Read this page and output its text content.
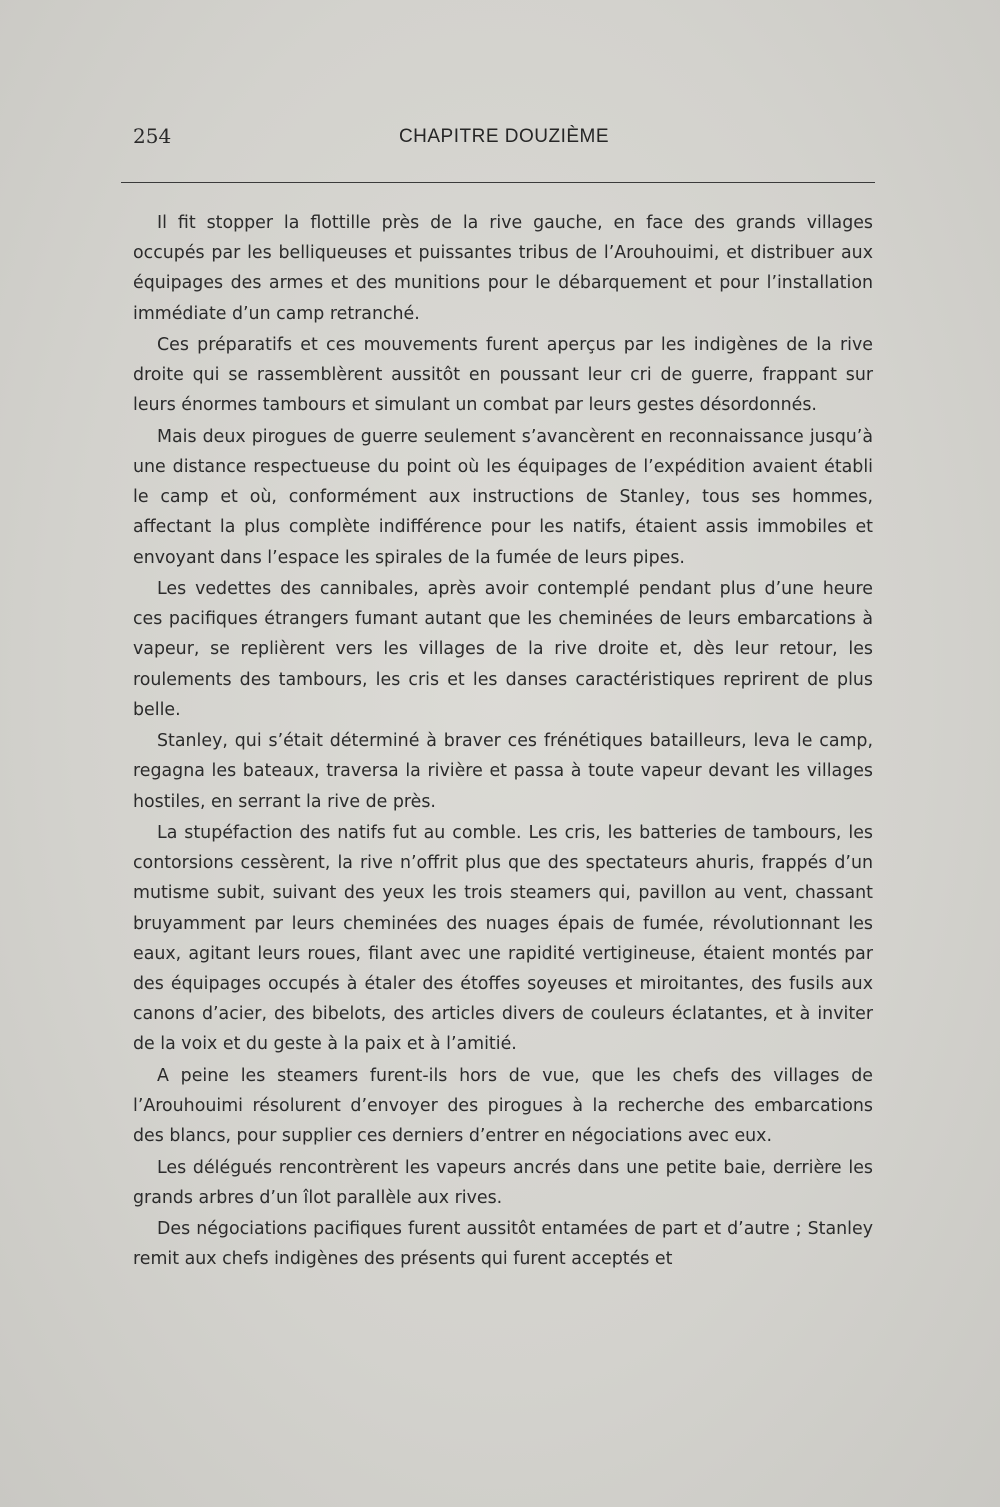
254	CHAPITRE DOUZIÈME

Il fit stopper la flottille près de la rive gauche, en face des grands villages occupés par les belliqueuses et puissantes tribus de l’Arouhouimi, et distribuer aux équipages des armes et des munitions pour le débarquement et pour l’installation immédiate d’un camp retranché.

Ces préparatifs et ces mouvements furent aperçus par les indigènes de la rive droite qui se rassemblèrent aussitôt en poussant leur cri de guerre, frappant sur leurs énormes tambours et simulant un combat par leurs gestes désordonnés.

Mais deux pirogues de guerre seulement s’avancèrent en reconnaissance jusqu’à une distance respectueuse du point où les équipages de l’expédition avaient établi le camp et où, conformément aux instructions de Stanley, tous ses hommes, affectant la plus complète indifférence pour les natifs, étaient assis immobiles et envoyant dans l’espace les spirales de la fumée de leurs pipes.

Les vedettes des cannibales, après avoir contemplé pendant plus d’une heure ces pacifiques étrangers fumant autant que les cheminées de leurs embarcations à vapeur, se replièrent vers les villages de la rive droite et, dès leur retour, les roulements des tambours, les cris et les danses caractéristiques reprirent de plus belle.

Stanley, qui s’était déterminé à braver ces frénétiques batailleurs, leva le camp, regagna les bateaux, traversa la rivière et passa à toute vapeur devant les villages hostiles, en serrant la rive de près.

La stupéfaction des natifs fut au comble. Les cris, les batteries de tambours, les contorsions cessèrent, la rive n’offrit plus que des spectateurs ahuris, frappés d’un mutisme subit, suivant des yeux les trois steamers qui, pavillon au vent, chassant bruyamment par leurs cheminées des nuages épais de fumée, révolutionnant les eaux, agitant leurs roues, filant avec une rapidité vertigineuse, étaient montés par des équipages occupés à étaler des étoffes soyeuses et miroitantes, des fusils aux canons d’acier, des bibelots, des articles divers de couleurs éclatantes, et à inviter de la voix et du geste à la paix et à l’amitié.

A peine les steamers furent-ils hors de vue, que les chefs des villages de l’Arouhouimi résolurent d’envoyer des pirogues à la recherche des embarcations des blancs, pour supplier ces derniers d’entrer en négociations avec eux.

Les délégués rencontrèrent les vapeurs ancrés dans une petite baie, derrière les grands arbres d’un îlot parallèle aux rives.

Des négociations pacifiques furent aussitôt entamées de part et d’autre ; Stanley remit aux chefs indigènes des présents qui furent acceptés et
